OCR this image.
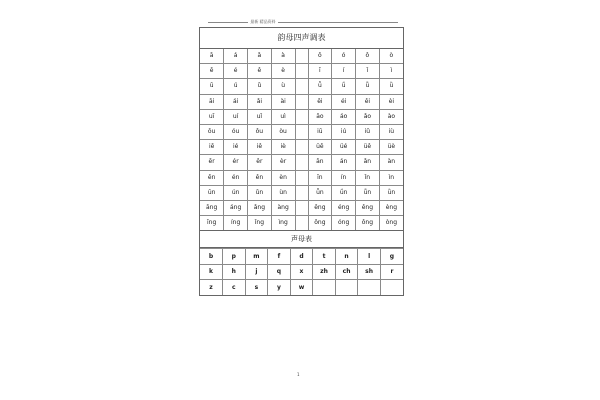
最新 精品资料
韵母四声调表
ā	á	ǎ	à		ō	ó	ǒ	ò
ē	é	ě	è		ī	í	ǐ	ì
ū	ú	ǔ	ù		ǖ	ǘ	ǚ	ǜ
āi	ái	ǎi	ài		ēi	éi	ěi	èi
uī	uí	uǐ	uì		āo	áo	ǎo	ào
ōu	óu	ǒu	òu		iū	iú	iǔ	iù
iē	ié	iě	iè		üē	üé	üě	üè
ēr	ér	ěr	èr		ān	án	ǎn	àn
ēn	én	ěn	èn		īn	ín	ǐn	ìn
ūn	ún	ǔn	ùn		ǖn	ǘn	ǚn	ǜn
āng	áng	ǎng	àng		ēng	éng	ěng	èng
īng	íng	ǐng	ìng		ōng	óng	ǒng	òng
声母表
b	p	m	f	d	t	n	l	g
k	h	j	q	x	zh	ch	sh	r
z	c	s	y	w				
1
